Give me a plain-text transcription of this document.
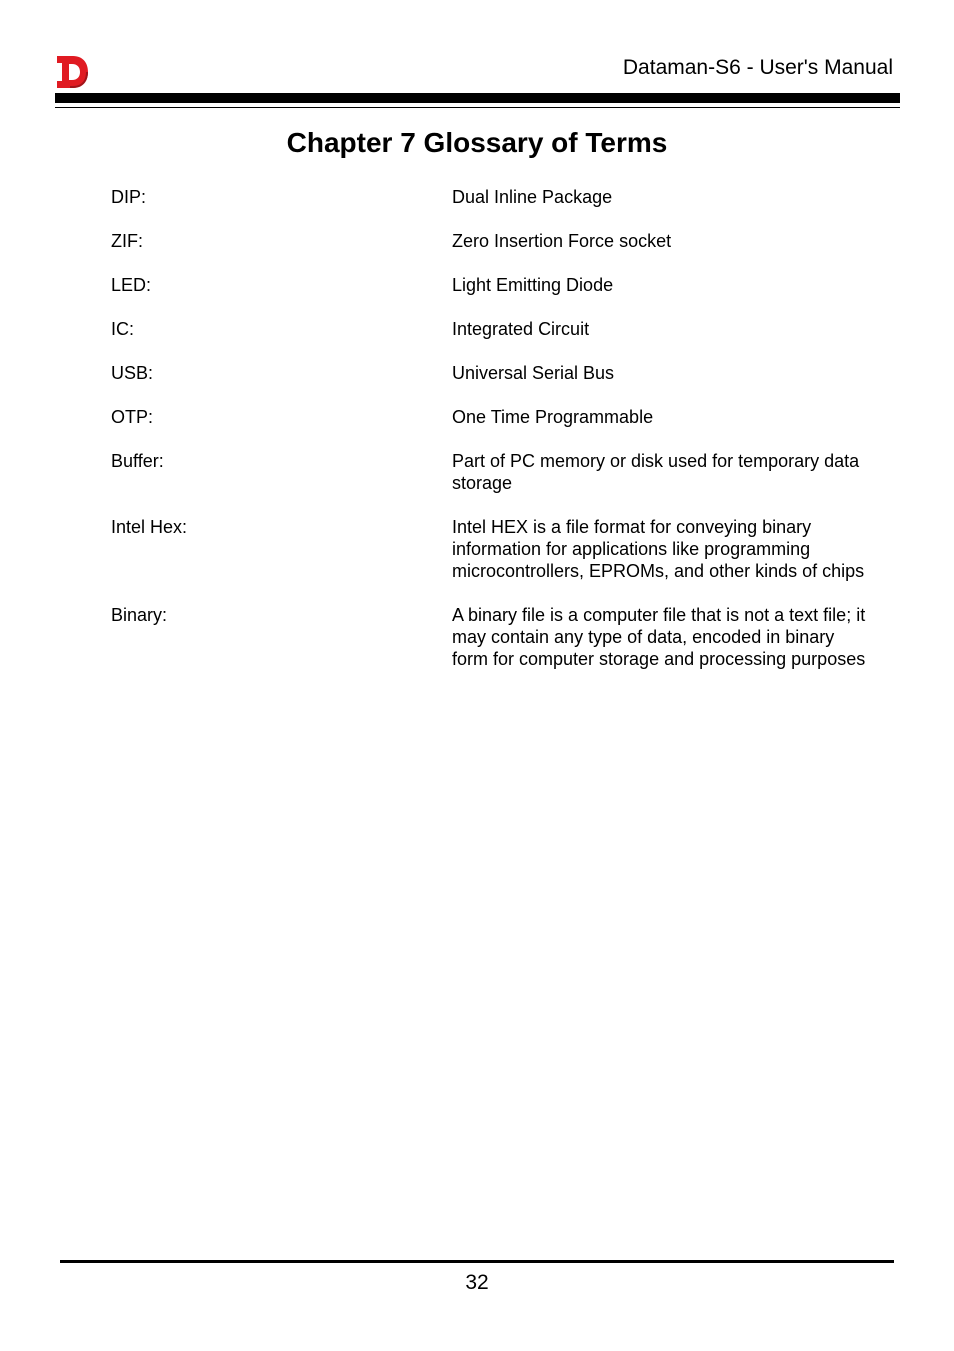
Dataman-S6 - User's Manual
Chapter 7 Glossary of Terms
DIP:	Dual Inline Package
ZIF:	Zero Insertion Force socket
LED:	Light Emitting Diode
IC:	Integrated Circuit
USB:	Universal Serial Bus
OTP:	One Time Programmable
Buffer:	Part of PC memory or disk used for temporary data
storage
Intel Hex:	Intel HEX is a file format for conveying binary
information for applications like programming
microcontrollers, EPROMs, and other kinds of chips
Binary:	A binary file is a computer file that is not a text file; it
may contain any type of data, encoded in binary
form for computer storage and processing purposes
32
